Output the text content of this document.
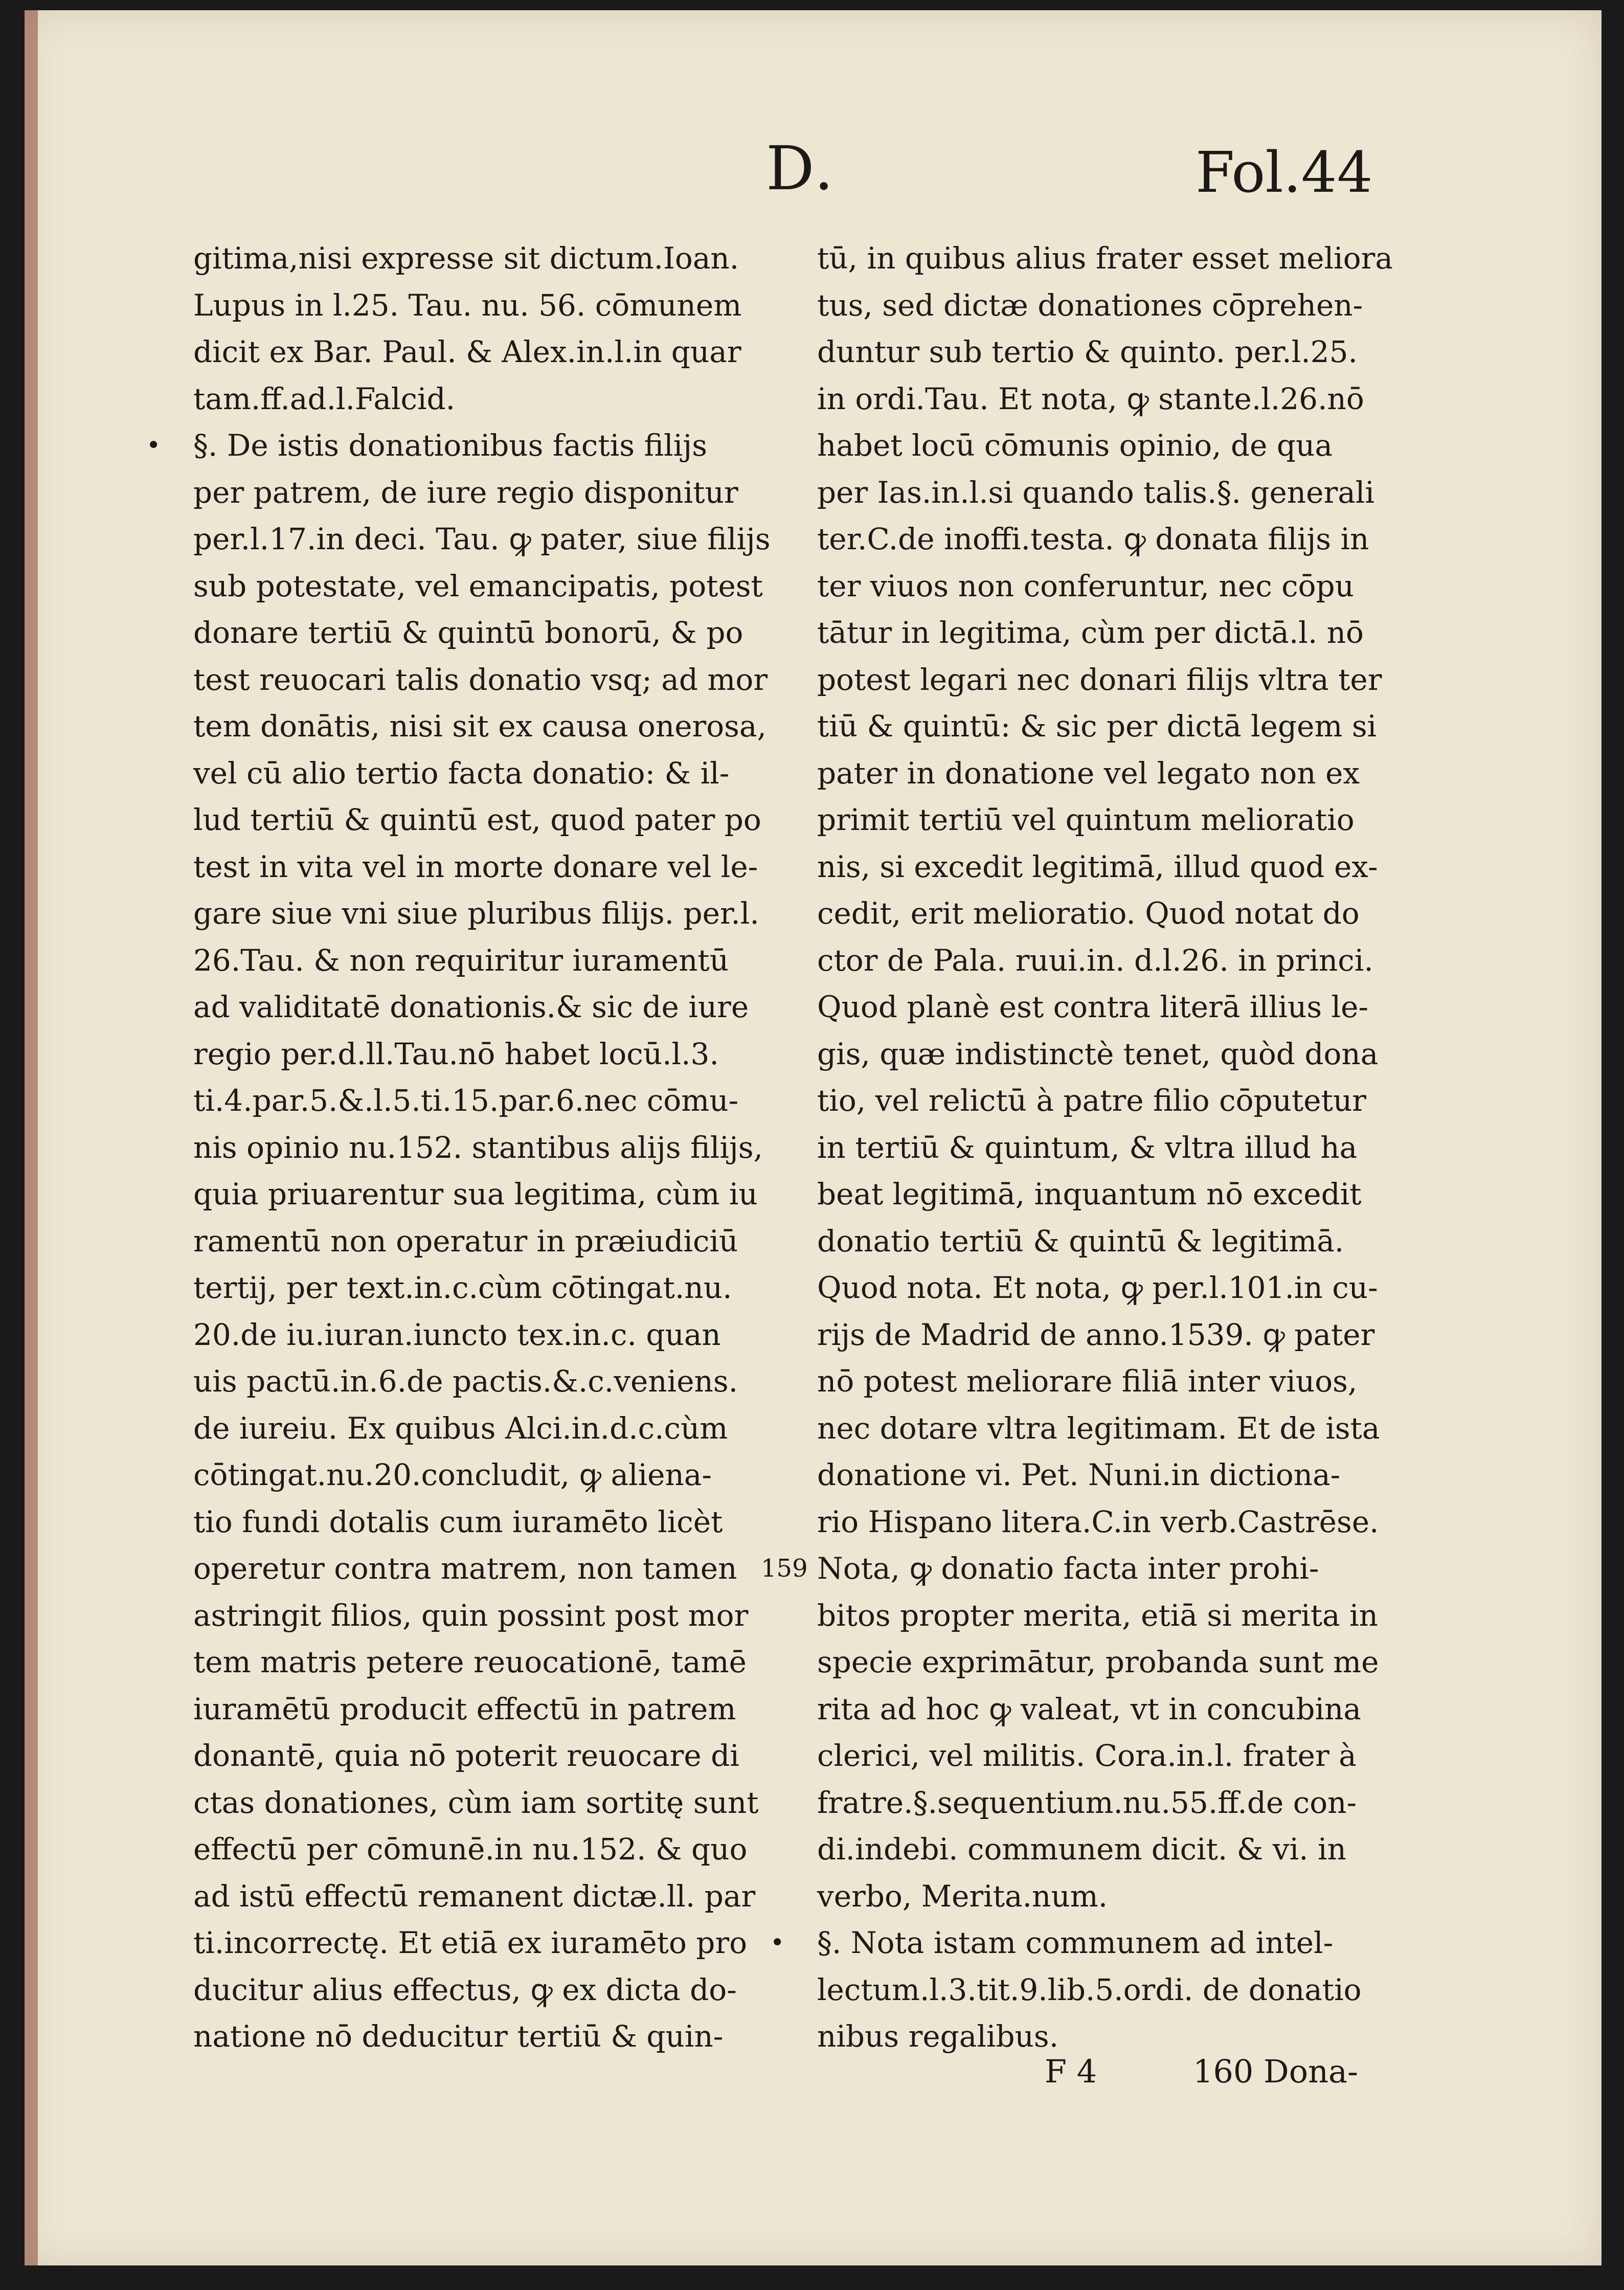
D.	Fol.44
gitima,nisi expresse sit dictum.Ioan.
Lupus in l.25. Tau. nu. 56. cōmunem
dicit ex Bar. Paul. & Alex.in.l.in quar
tam.ff.ad.l.Falcid.
• §. De istis donationibus factis filijs
per patrem, de iure regio disponitur
per.l.17.in deci. Tau. ꝙ pater, siue filijs
sub potestate, vel emancipatis, potest
donare tertiū & quintū bonorū, & po
test reuocari talis donatio vsq; ad mor
tem donātis, nisi sit ex causa onerosa,
vel cū alio tertio facta donatio: & il-
lud tertiū & quintū est, quod pater po
test in vita vel in morte donare vel le-
gare siue vni siue pluribus filijs. per.l.
26.Tau. & non requiritur iuramentū
ad validitatē donationis.& sic de iure
regio per.d.ll.Tau.nō habet locū.l.3.
ti.4.par.5.&.l.5.ti.15.par.6.nec cōmu-
nis opinio nu.152. stantibus alijs filijs,
quia priuarentur sua legitima, cùm iu
ramentū non operatur in præiudiciū
tertij, per text.in.c.cùm cōtingat.nu.
20.de iu.iuran.iuncto tex.in.c. quan
uis pactū.in.6.de pactis.&.c.veniens.
de iureiu. Ex quibus Alci.in.d.c.cùm
cōtingat.nu.20.concludit, ꝙ aliena-
tio fundi dotalis cum iuramēto licèt
operetur contra matrem, non tamen
astringit filios, quin possint post mor
tem matris petere reuocationē, tamē
iuramētū producit effectū in patrem
donantē, quia nō poterit reuocare di
ctas donationes, cùm iam sortitę sunt
effectū per cōmunē.in nu.152. & quo
ad istū effectū remanent dictæ.ll. par
ti.incorrectę. Et etiā ex iuramēto pro
ducitur alius effectus, ꝙ ex dicta do-
natione nō deducitur tertiū & quin-
tū, in quibus alius frater esset meliora
tus, sed dictæ donationes cōprehen-
duntur sub tertio & quinto. per.l.25.
in ordi.Tau. Et nota, ꝙ stante.l.26.nō
habet locū cōmunis opinio, de qua
per Ias.in.l.si quando talis.§. generali
ter.C.de inoffi.testa. ꝙ donata filijs in
ter viuos non conferuntur, nec cōpu
tātur in legitima, cùm per dictā.l. nō
potest legari nec donari filijs vltra ter
tiū & quintū: & sic per dictā legem si
pater in donatione vel legato non ex
primit tertiū vel quintum melioratio
nis, si excedit legitimā, illud quod ex-
cedit, erit melioratio. Quod notat do
ctor de Pala. ruui.in. d.l.26. in princi.
Quod planè est contra literā illius le-
gis, quæ indistinctè tenet, quòd dona
tio, vel relictū à patre filio cōputetur
in tertiū & quintum, & vltra illud ha
beat legitimā, inquantum nō excedit
donatio tertiū & quintū & legitimā.
Quod nota. Et nota, ꝙ per.l.101.in cu-
rijs de Madrid de anno.1539. ꝙ pater
nō potest meliorare filiā inter viuos,
nec dotare vltra legitimam. Et de ista
donatione vi. Pet. Nuni.in dictiona-
rio Hispano litera.C.in verb.Castrēse.
159 Nota, ꝙ donatio facta inter prohi-
bitos propter merita, etiā si merita in
specie exprimātur, probanda sunt me
rita ad hoc ꝙ valeat, vt in concubina
clerici, vel militis. Cora.in.l. frater à
fratre.§.sequentium.nu.55.ff.de con-
di.indebi. communem dicit. & vi. in
verbo, Merita.num.
• §. Nota istam communem ad intel-
lectum.l.3.tit.9.lib.5.ordi. de donatio
nibus regalibus.
F 4	160 Dona-
